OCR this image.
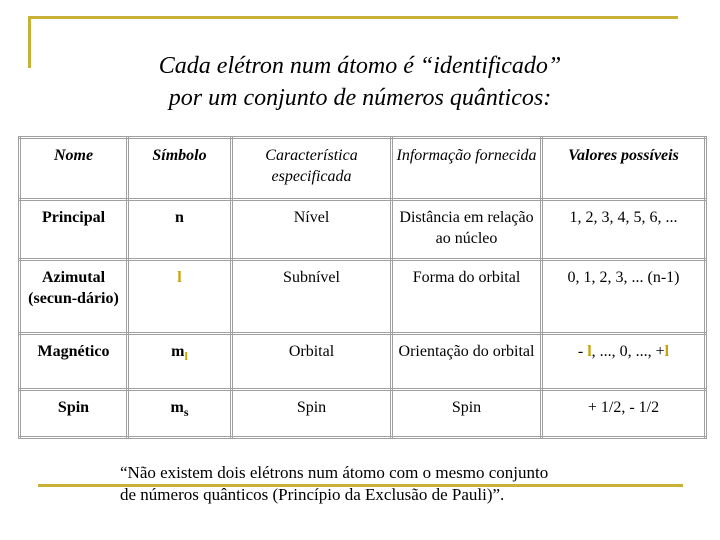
Cada elétron num átomo é “identificado”
por um conjunto de números quânticos:
Nome	Símbolo	Característica especificada	Informação fornecida	Valores possíveis
Principal	n	Nível	Distância em relação ao núcleo	1, 2, 3, 4, 5, 6, ...
Azimutal (secun-dário)	l	Subnível	Forma do orbital	0, 1, 2, 3, ... (n-1)
Magnético	$m_l$	Orbital	Orientação do orbital	- l, ..., 0, ..., +l
Spin	$m_s$	Spin	Spin	+ 1/2, - 1/2
“Não existem dois elétrons num átomo com o mesmo conjunto
de números quânticos (Princípio da Exclusão de Pauli)”.
